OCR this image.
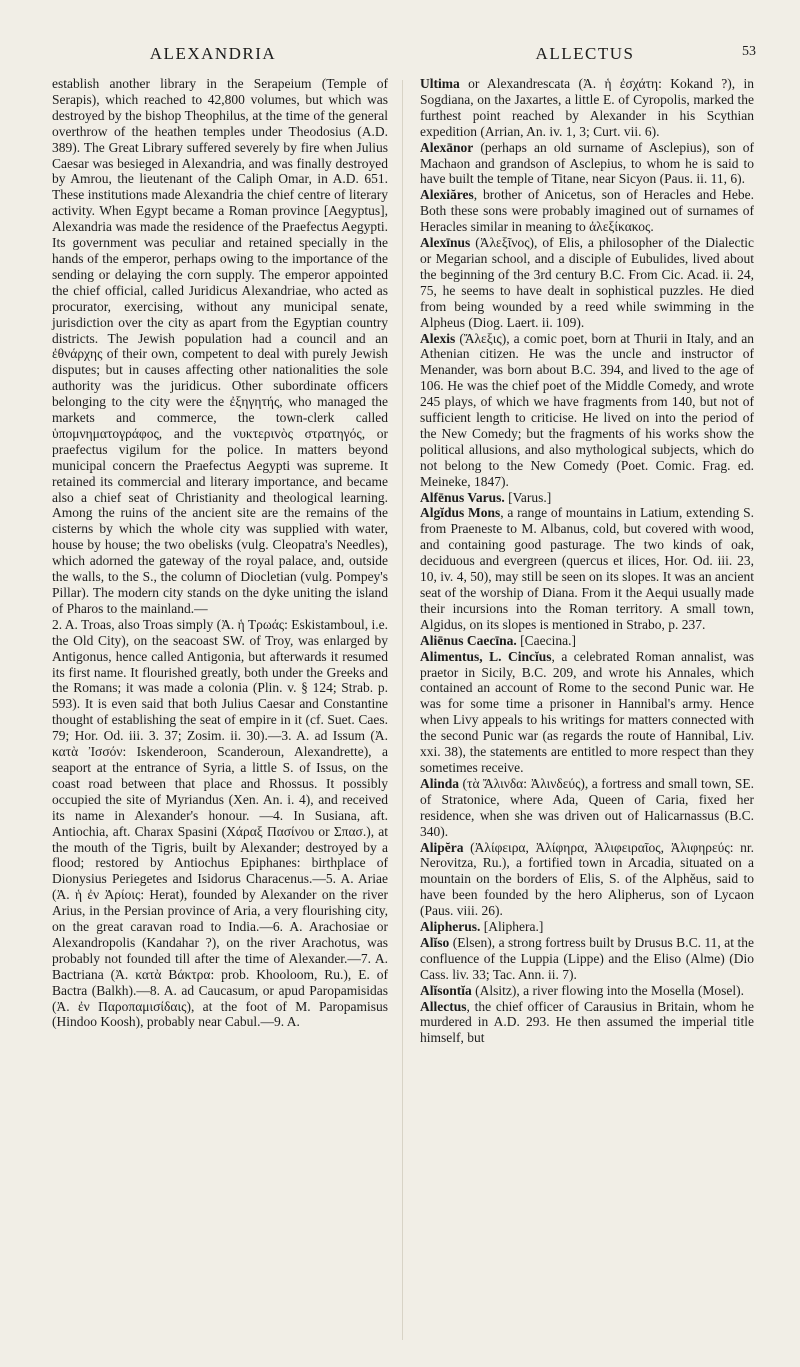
ALEXANDRIA	ALLECTUS	53

establish another library in the Serapeium (Temple of Serapis), which reached to 42,800 volumes, but which was destroyed by the bishop Theophilus, at the time of the general overthrow of the heathen temples under Theodosius (A.D. 389). The Great Library suffered severely by fire when Julius Caesar was besieged in Alexandria, and was finally destroyed by Amrou, the lieutenant of the Caliph Omar, in A.D. 651. These institutions made Alexandria the chief centre of literary activity. When Egypt became a Roman province [Aegyptus], Alexandria was made the residence of the Praefectus Aegypti. Its government was peculiar and retained specially in the hands of the emperor, perhaps owing to the importance of the sending or delaying the corn supply. The emperor appointed the chief official, called Juridicus Alexandriae, who acted as procurator, exercising, without any municipal senate, jurisdiction over the city as apart from the Egyptian country districts. The Jewish population had a council and an ἐθνάρχης of their own, competent to deal with purely Jewish disputes; but in causes affecting other nationalities the sole authority was the juridicus. Other subordinate officers belonging to the city were the ἐξηγητής, who managed the markets and commerce, the town-clerk called ὑπομνηματογράφος, and the νυκτεριvὸς στρατηγός, or praefectus vigilum for the police. In matters beyond municipal concern the Praefectus Aegypti was supreme. It retained its commercial and literary importance, and became also a chief seat of Christianity and theological learning. Among the ruins of the ancient site are the remains of the cisterns by which the whole city was supplied with water, house by house; the two obelisks (vulg. Cleopatra's Needles), which adorned the gateway of the royal palace, and, outside the walls, to the S., the column of Diocletian (vulg. Pompey's Pillar). The modern city stands on the dyke uniting the island of Pharos to the mainland.—

2. A. Troas, also Troas simply (Ἀ. ἡ Τρωάς: Eskistamboul, i.e. the Old City), on the seacoast SW. of Troy, was enlarged by Antigonus, hence called Antigonia, but afterwards it resumed its first name. It flourished greatly, both under the Greeks and the Romans; it was made a colonia (Plin. v. § 124; Strab. p. 593). It is even said that both Julius Caesar and Constantine thought of establishing the seat of empire in it (cf. Suet. Caes. 79; Hor. Od. iii. 3. 37; Zosim. ii. 30).—3. A. ad Issum (Ἀ. κατὰ Ἰσσόν: Iskenderoon, Scanderoun, Alexandrette), a seaport at the entrance of Syria, a little S. of Issus, on the coast road between that place and Rhossus. It possibly occupied the site of Myriandus (Xen. An. i. 4), and received its name in Alexander's honour. —4. In Susiana, aft. Antiochia, aft. Charax Spasini (Χάραξ Πασίνου or Σπασ.), at the mouth of the Tigris, built by Alexander; destroyed by a flood; restored by Antiochus Epiphanes: birthplace of Dionysius Periegetes and Isidorus Characenus.—5. A. Ariae (Ἀ. ἡ ἐν Ἀρίοις: Herat), founded by Alexander on the river Arius, in the Persian province of Aria, a very flourishing city, on the great caravan road to India.—6. A. Arachosiae or Alexandropolis (Kandahar ?), on the river Arachotus, was probably not founded till after the time of Alexander.—7. A. Bactriana (Ἀ. κατὰ Βάκτρα: prob. Khooloom, Ru.), E. of Bactra (Balkh).—8. A. ad Caucasum, or apud Paropamisidas (Ἀ. ἐν Παροπαμισίδαις), at the foot of M. Paropamisus (Hindoo Koosh), probably near Cabul.—9. A.

Ultima or Alexandrescata (Ἀ. ἡ ἐσχάτη: Kokand ?), in Sogdiana, on the Jaxartes, a little E. of Cyropolis, marked the furthest point reached by Alexander in his Scythian expedition (Arrian, An. iv. 1, 3; Curt. vii. 6).

Alexānor (perhaps an old surname of Asclepius), son of Machaon and grandson of Asclepius, to whom he is said to have built the temple of Titane, near Sicyon (Paus. ii. 11, 6).

Alexiăres, brother of Anicetus, son of Heracles and Hebe. Both these sons were probably imagined out of surnames of Heracles similar in meaning to ἀλεξίκακος.

Alexīnus (Ἀλεξῖνος), of Elis, a philosopher of the Dialectic or Megarian school, and a disciple of Eubulides, lived about the beginning of the 3rd century B.C. From Cic. Acad. ii. 24, 75, he seems to have dealt in sophistical puzzles. He died from being wounded by a reed while swimming in the Alpheus (Diog. Laert. ii. 109).

Alexis (Ἄλεξις), a comic poet, born at Thurii in Italy, and an Athenian citizen. He was the uncle and instructor of Menander, was born about B.C. 394, and lived to the age of 106. He was the chief poet of the Middle Comedy, and wrote 245 plays, of which we have fragments from 140, but not of sufficient length to criticise. He lived on into the period of the New Comedy; but the fragments of his works show the political allusions, and also mythological subjects, which do not belong to the New Comedy (Poet. Comic. Frag. ed. Meineke, 1847).

Alfēnus Varus. [Varus.]

Algĭdus Mons, a range of mountains in Latium, extending S. from Praeneste to M. Albanus, cold, but covered with wood, and containing good pasturage. The two kinds of oak, deciduous and evergreen (quercus et ilices, Hor. Od. iii. 23, 10, iv. 4, 50), may still be seen on its slopes. It was an ancient seat of the worship of Diana. From it the Aequi usually made their incursions into the Roman territory. A small town, Algidus, on its slopes is mentioned in Strabo, p. 237.

Aliēnus Caecīna. [Caecina.]

Alimentus, L. Cincĭus, a celebrated Roman annalist, was praetor in Sicily, B.C. 209, and wrote his Annales, which contained an account of Rome to the second Punic war. He was for some time a prisoner in Hannibal's army. Hence when Livy appeals to his writings for matters connected with the second Punic war (as regards the route of Hannibal, Liv. xxi. 38), the statements are entitled to more respect than they sometimes receive.

Alinda (τὰ Ἄλινδα: Ἀλινδεύς), a fortress and small town, SE. of Stratonice, where Ada, Queen of Caria, fixed her residence, when she was driven out of Halicarnassus (B.C. 340).

Alipĕra (Ἀλίφειρα, Ἀλίφηρα, Ἀλιφειραῖος, Ἀλιφηρεύς: nr. Nerovitza, Ru.), a fortified town in Arcadia, situated on a mountain on the borders of Elis, S. of the Alphĕus, said to have been founded by the hero Alipherus, son of Lycaon (Paus. viii. 26).

Alipherus. [Aliphera.]

Alĭso (Elsen), a strong fortress built by Drusus B.C. 11, at the confluence of the Luppia (Lippe) and the Eliso (Alme) (Dio Cass. liv. 33; Tac. Ann. ii. 7).

Alĭsontĭa (Alsitz), a river flowing into the Mosella (Mosel).

Allectus, the chief officer of Carausius in Britain, whom he murdered in A.D. 293. He then assumed the imperial title himself, but
